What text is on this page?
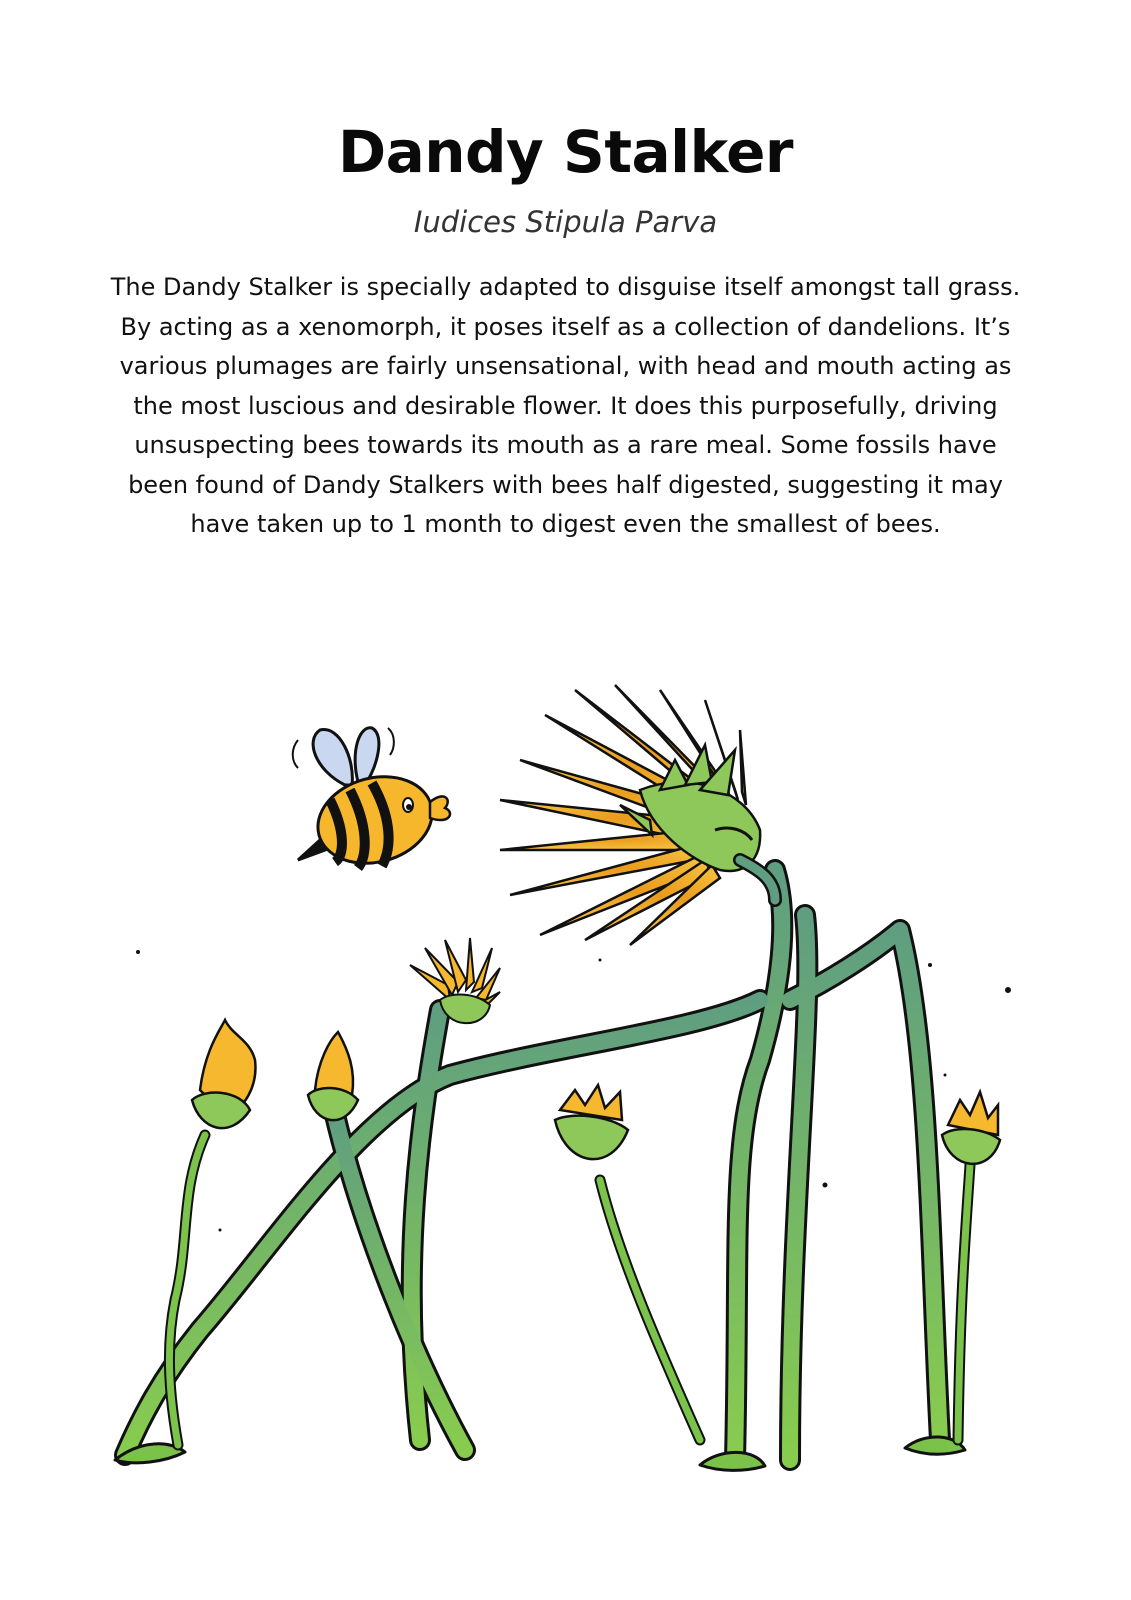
Dandy Stalker

Iudices Stipula Parva

The Dandy Stalker is specially adapted to disguise itself amongst tall grass. By acting as a xenomorph, it poses itself as a collection of dandelions. It’s various plumages are fairly unsensational, with head and mouth acting as the most luscious and desirable flower. It does this purposefully, driving unsuspecting bees towards its mouth as a rare meal. Some fossils have been found of Dandy Stalkers with bees half digested, suggesting it may have taken up to 1 month to digest even the smallest of bees.
